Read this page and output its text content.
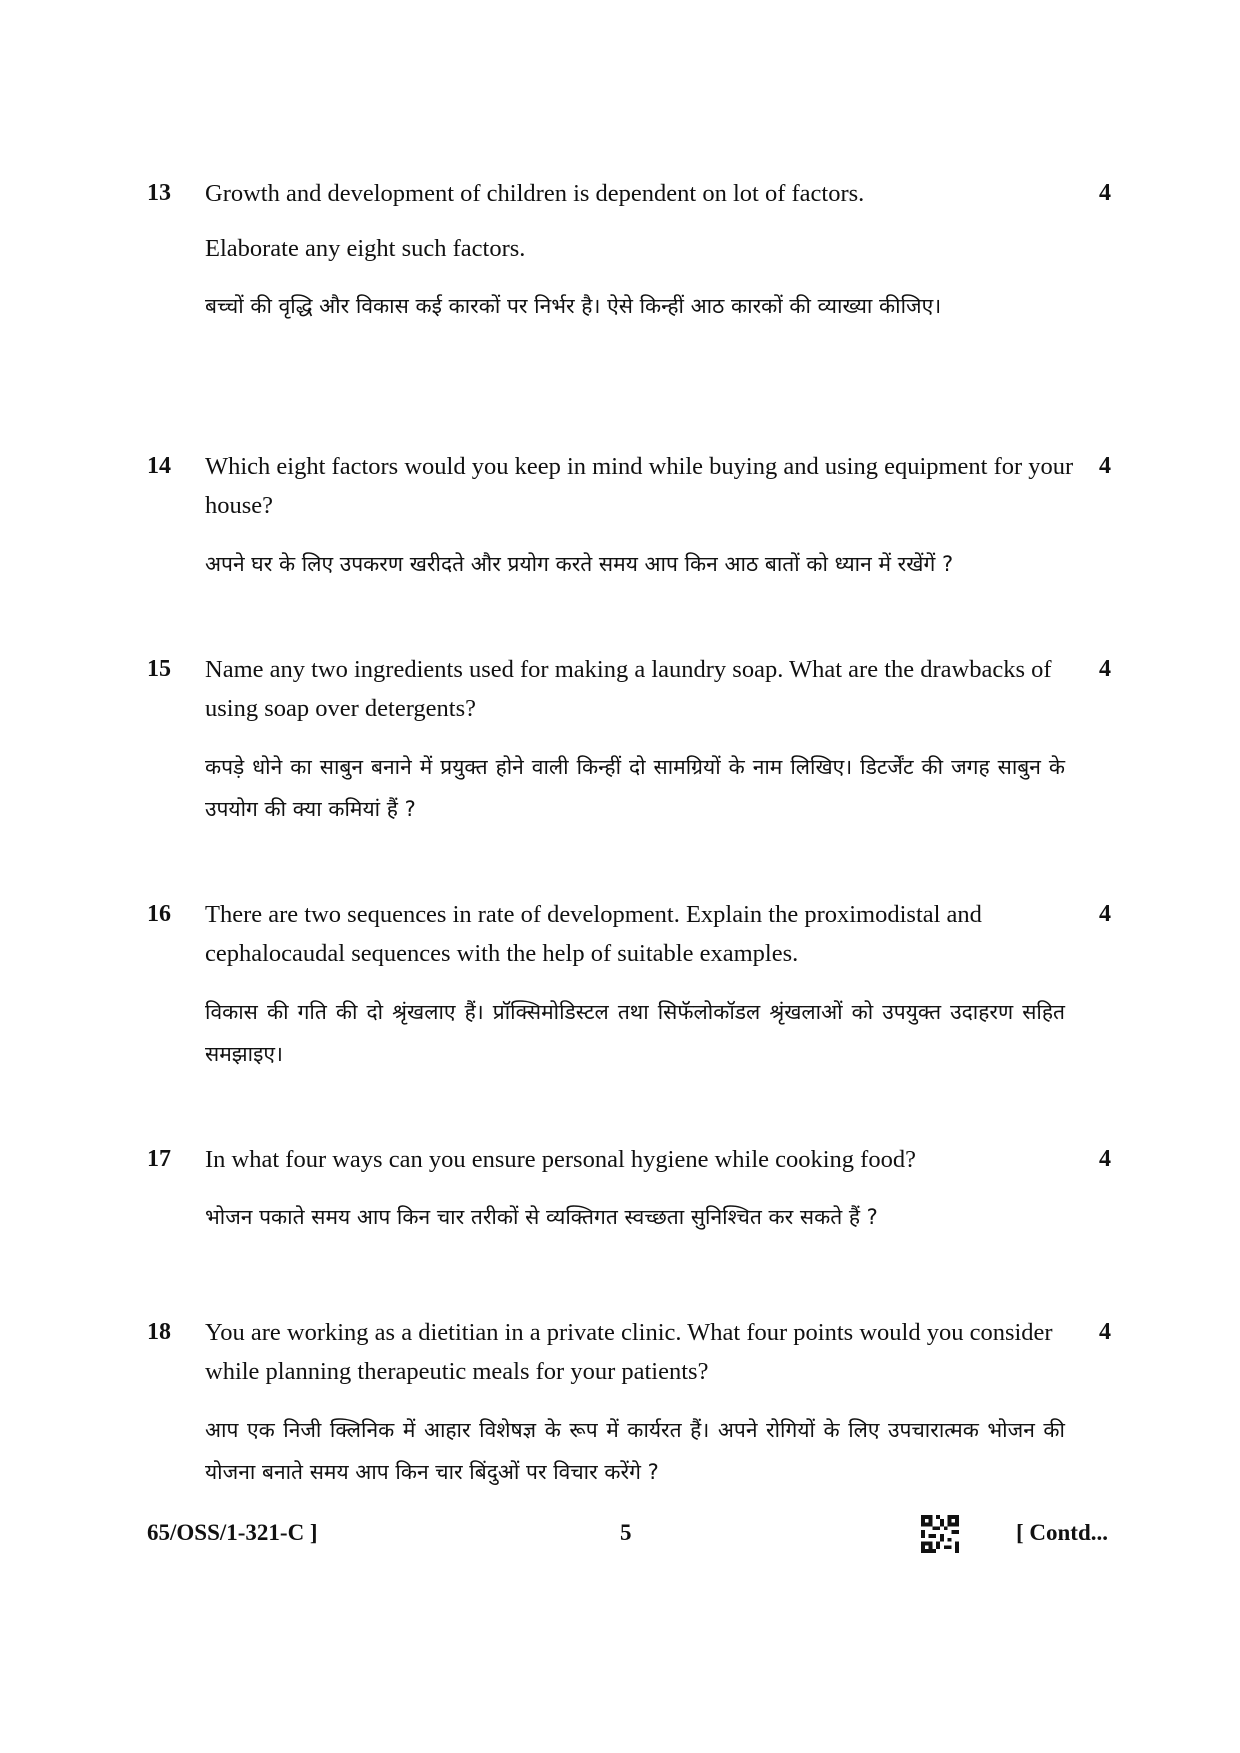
13 Growth and development of children is dependent on lot of factors.	4
Elaborate any eight such factors.
बच्चों की वृद्धि और विकास कई कारकों पर निर्भर है। ऐसे किन्हीं आठ कारकों की व्याख्या कीजिए।
14 Which eight factors would you keep in mind while buying and using equipment for your house?
4
अपने घर के लिए उपकरण खरीदते और प्रयोग करते समय आप किन आठ बातों को ध्यान में रखेंगें ?
15 Name any two ingredients used for making a laundry soap. What are the drawbacks of using soap over detergents?
4
कपड़े धोने का साबुन बनाने में प्रयुक्त होने वाली किन्हीं दो सामग्रियों के नाम लिखिए। डिटर्जेंट की जगह साबुन के उपयोग की क्या कमियां हैं ?
16 There are two sequences in rate of development. Explain the proximodistal and cephalocaudal sequences with the help of suitable examples.
4
विकास की गति की दो श्रृंखलाए हैं। प्रॉक्सिमोडिस्टल तथा सिफॅलोकॉडल श्रृंखलाओं को उपयुक्त उदाहरण सहित समझाइए।
17 In what four ways can you ensure personal hygiene while cooking food?	4
भोजन पकाते समय आप किन चार तरीकों से व्यक्तिगत स्वच्छता सुनिश्चित कर सकते हैं ?
18 You are working as a dietitian in a private clinic. What four points would you consider while planning therapeutic meals for your patients?
4
आप एक निजी क्लिनिक में आहार विशेषज्ञ के रूप में कार्यरत हैं। अपने रोगियों के लिए उपचारात्मक भोजन की योजना बनाते समय आप किन चार बिंदुओं पर विचार करेंगे ?
65/OSS/1-321-C ]	5	[ Contd...
